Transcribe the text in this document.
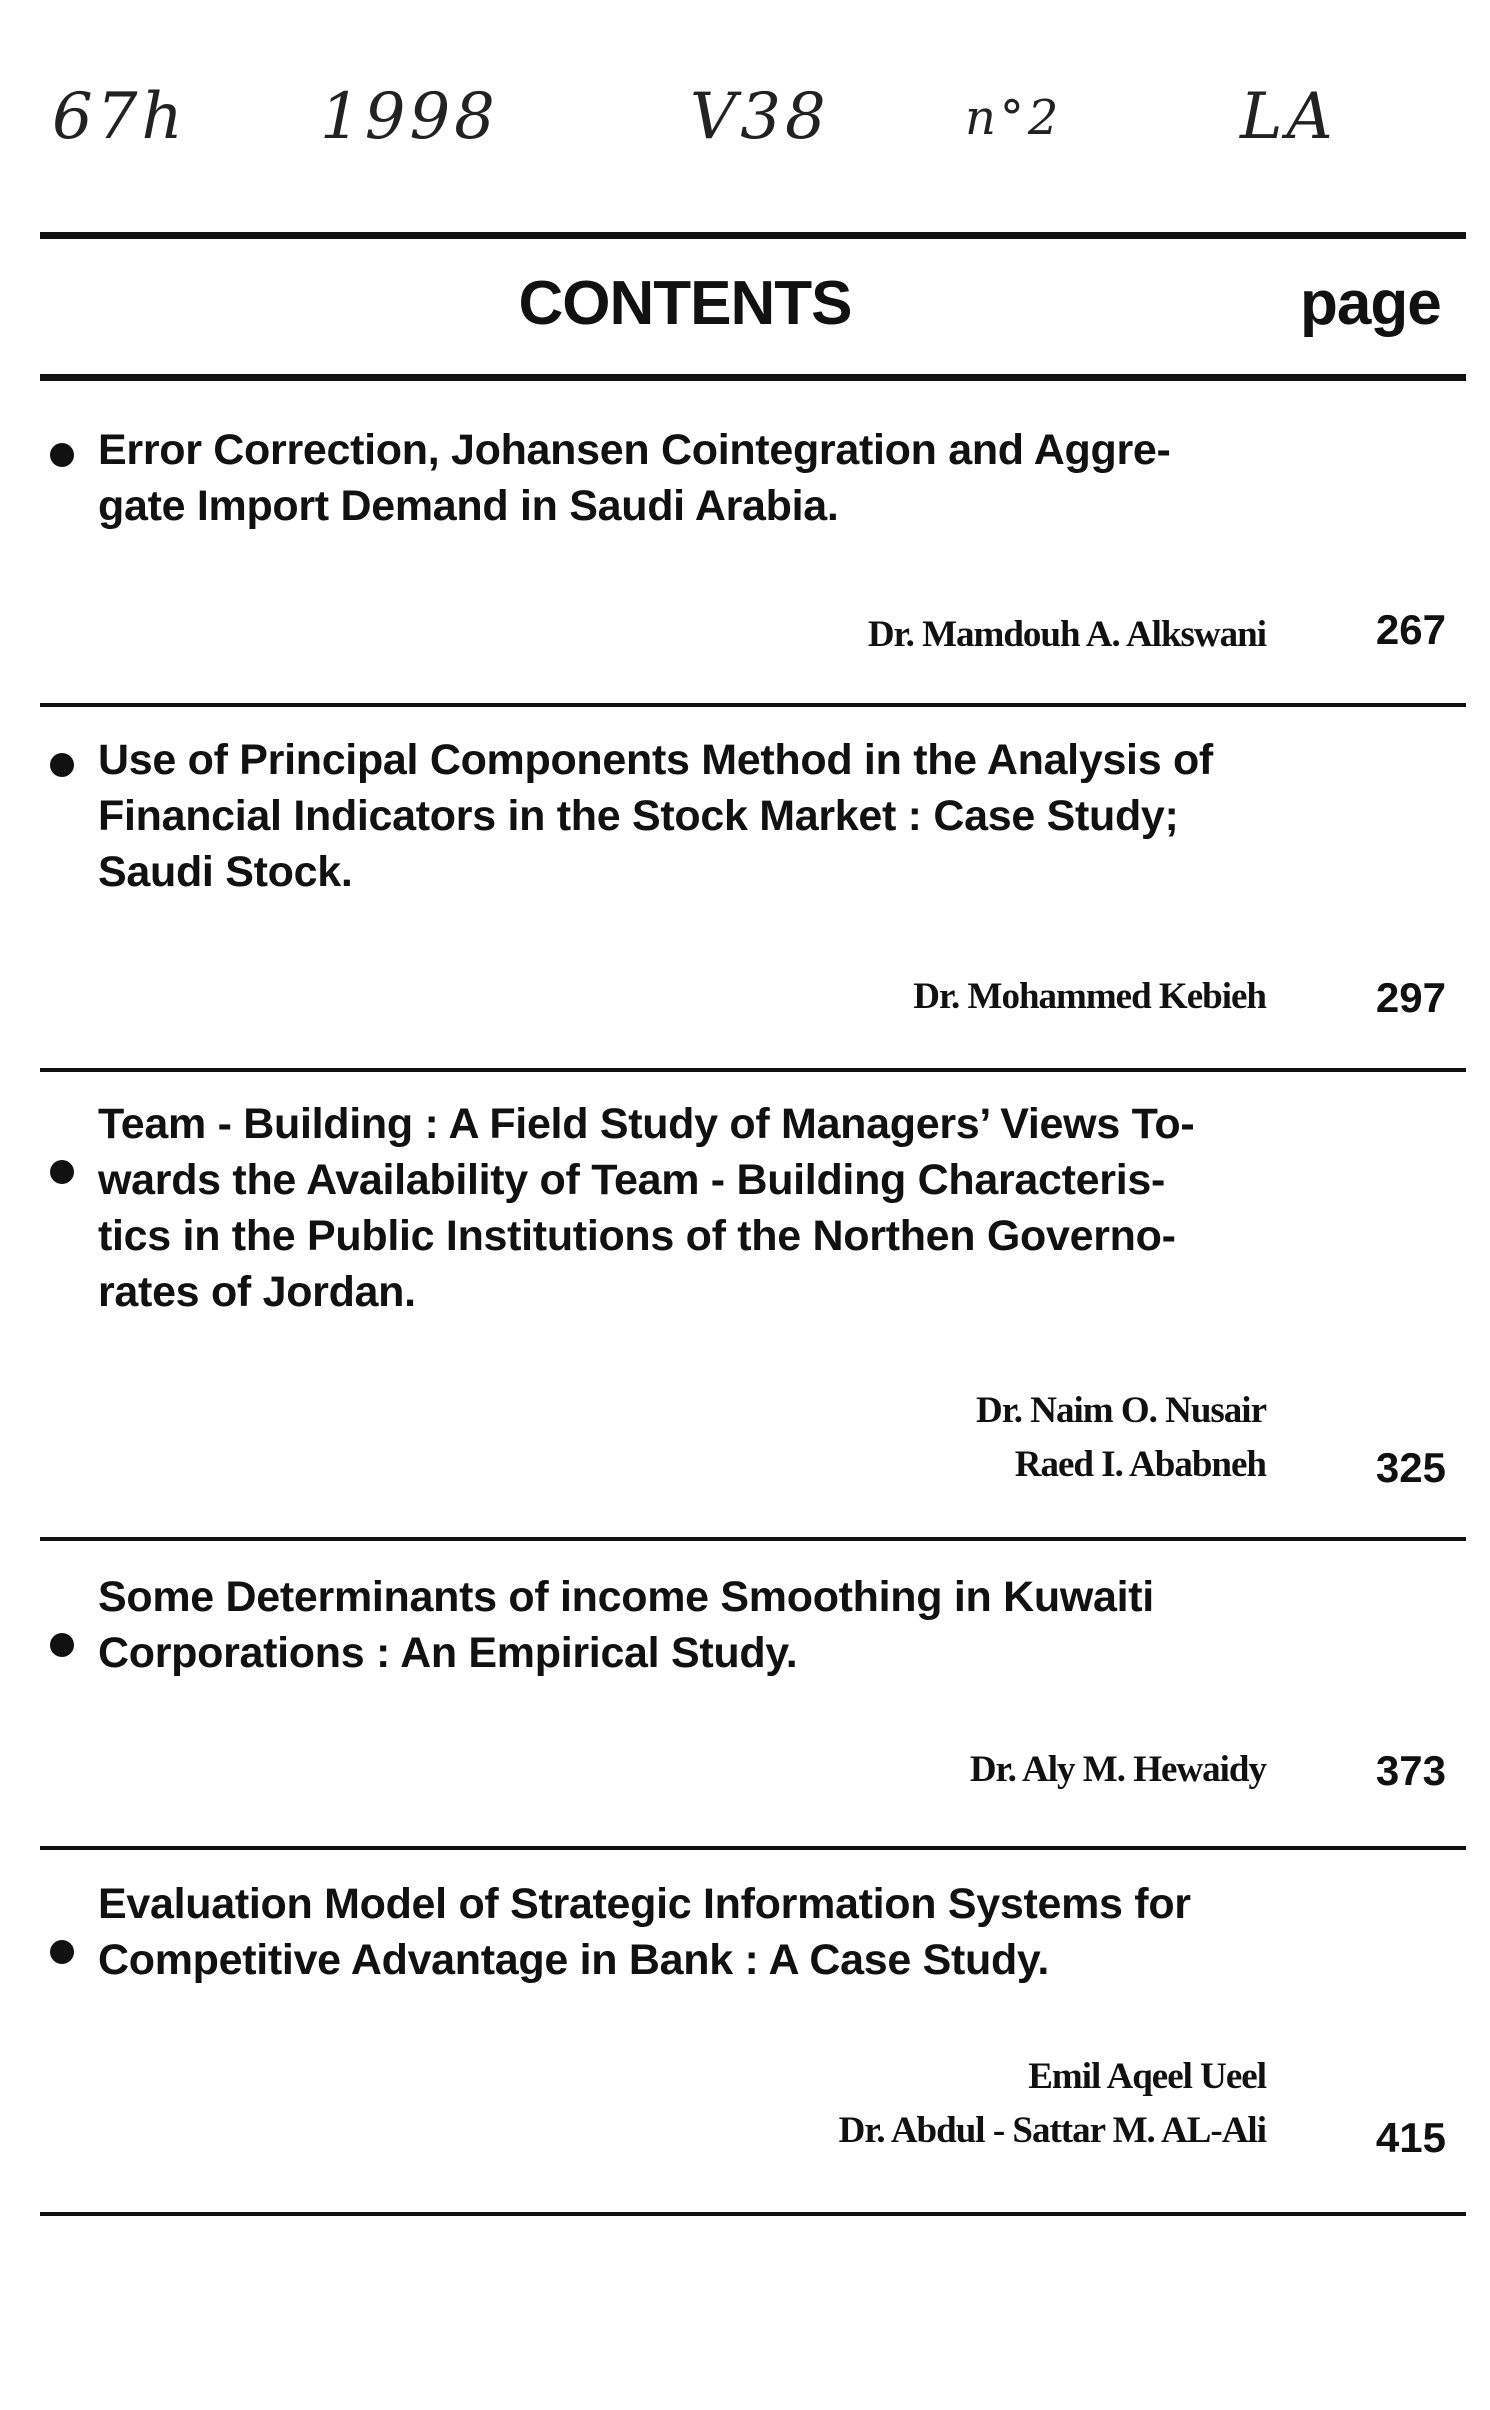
67h 1998	V38	n°2	LA
CONTENTS	page
Error Correction, Johansen Cointegration and Aggre-
gate Import Demand in Saudi Arabia.
Dr. Mamdouh A. Alkswani	267
Use of Principal Components Method in the Analysis of
Financial Indicators in the Stock Market : Case Study;
Saudi Stock.
Dr. Mohammed Kebieh	297
Team - Building : A Field Study of Managers’ Views To-
wards the Availability of Team - Building Characteris-
tics in the Public Institutions of the Northen Governo-
rates of Jordan.
Dr. Naim O. Nusair
Raed I. Ababneh	325
Some Determinants of income Smoothing in Kuwaiti
Corporations : An Empirical Study.
Dr. Aly M. Hewaidy	373
Evaluation Model of Strategic Information Systems for
Competitive Advantage in Bank : A Case Study.
Emil Aqeel Ueel
Dr. Abdul - Sattar M. AL-Ali	415
